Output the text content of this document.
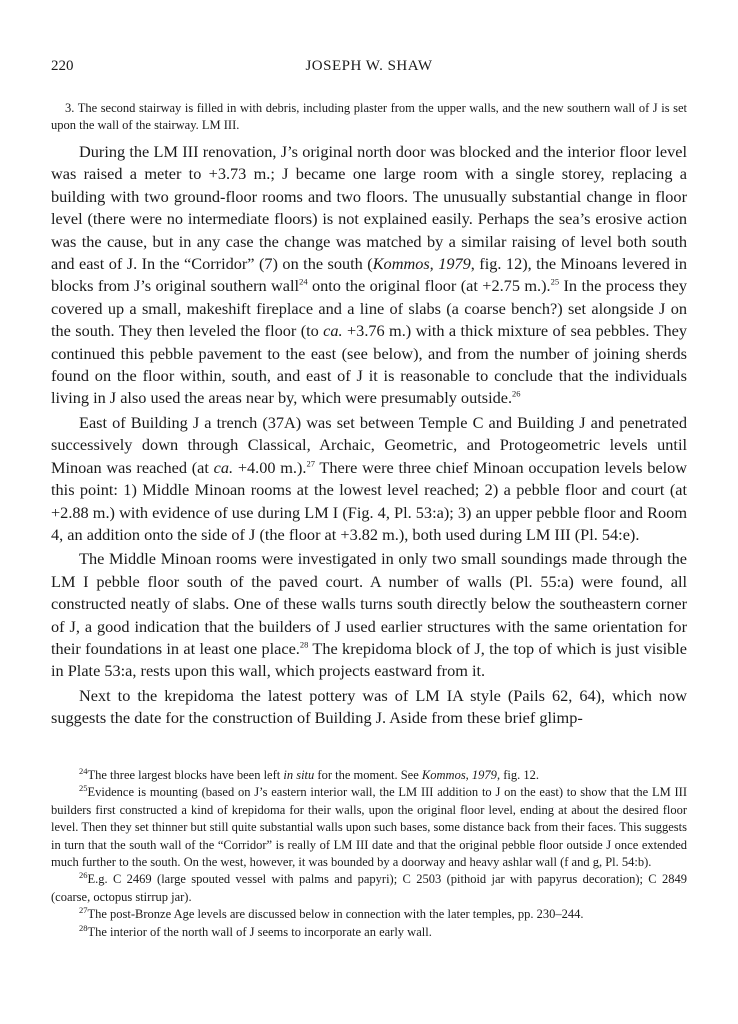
220	JOSEPH W. SHAW

3. The second stairway is filled in with debris, including plaster from the upper walls, and the new southern wall of J is set upon the wall of the stairway. LM III.

During the LM III renovation, J’s original north door was blocked and the interior floor level was raised a meter to +3.73 m.; J became one large room with a single storey, replacing a building with two ground-floor rooms and two floors. The unusually substantial change in floor level (there were no intermediate floors) is not explained easily. Perhaps the sea’s erosive action was the cause, but in any case the change was matched by a similar raising of level both south and east of J. In the “Corridor” (7) on the south (Kommos, 1979, fig. 12), the Minoans levered in blocks from J’s original southern wall$^{24}$ onto the original floor (at +2.75 m.).$^{25}$ In the process they covered up a small, makeshift fireplace and a line of slabs (a coarse bench?) set alongside J on the south. They then leveled the floor (to ca. +3.76 m.) with a thick mixture of sea pebbles. They continued this pebble pavement to the east (see below), and from the number of joining sherds found on the floor within, south, and east of J it is reasonable to conclude that the individuals living in J also used the areas near by, which were presumably outside.$^{26}$

East of Building J a trench (37A) was set between Temple C and Building J and penetrated successively down through Classical, Archaic, Geometric, and Protogeometric levels until Minoan was reached (at ca. +4.00 m.).$^{27}$ There were three chief Minoan occupation levels below this point: 1) Middle Minoan rooms at the lowest level reached; 2) a pebble floor and court (at +2.88 m.) with evidence of use during LM I (Fig. 4, Pl. 53:a); 3) an upper pebble floor and Room 4, an addition onto the side of J (the floor at +3.82 m.), both used during LM III (Pl. 54:e).

The Middle Minoan rooms were investigated in only two small soundings made through the LM I pebble floor south of the paved court. A number of walls (Pl. 55:a) were found, all constructed neatly of slabs. One of these walls turns south directly below the southeastern corner of J, a good indication that the builders of J used earlier structures with the same orientation for their foundations in at least one place.$^{28}$ The krepidoma block of J, the top of which is just visible in Plate 53:a, rests upon this wall, which projects eastward from it.

Next to the krepidoma the latest pottery was of LM IA style (Pails 62, 64), which now suggests the date for the construction of Building J. Aside from these brief glimp-

$^{24}$The three largest blocks have been left in situ for the moment. See Kommos, 1979, fig. 12.

$^{25}$Evidence is mounting (based on J’s eastern interior wall, the LM III addition to J on the east) to show that the LM III builders first constructed a kind of krepidoma for their walls, upon the original floor level, ending at about the desired floor level. Then they set thinner but still quite substantial walls upon such bases, some distance back from their faces. This suggests in turn that the south wall of the “Corridor” is really of LM III date and that the original pebble floor outside J once extended much further to the south. On the west, however, it was bounded by a doorway and heavy ashlar wall (f and g, Pl. 54:b).

$^{26}$E.g. C 2469 (large spouted vessel with palms and papyri); C 2503 (pithoid jar with papyrus decoration); C 2849 (coarse, octopus stirrup jar).

$^{27}$The post-Bronze Age levels are discussed below in connection with the later temples, pp. 230–244.

$^{28}$The interior of the north wall of J seems to incorporate an early wall.
